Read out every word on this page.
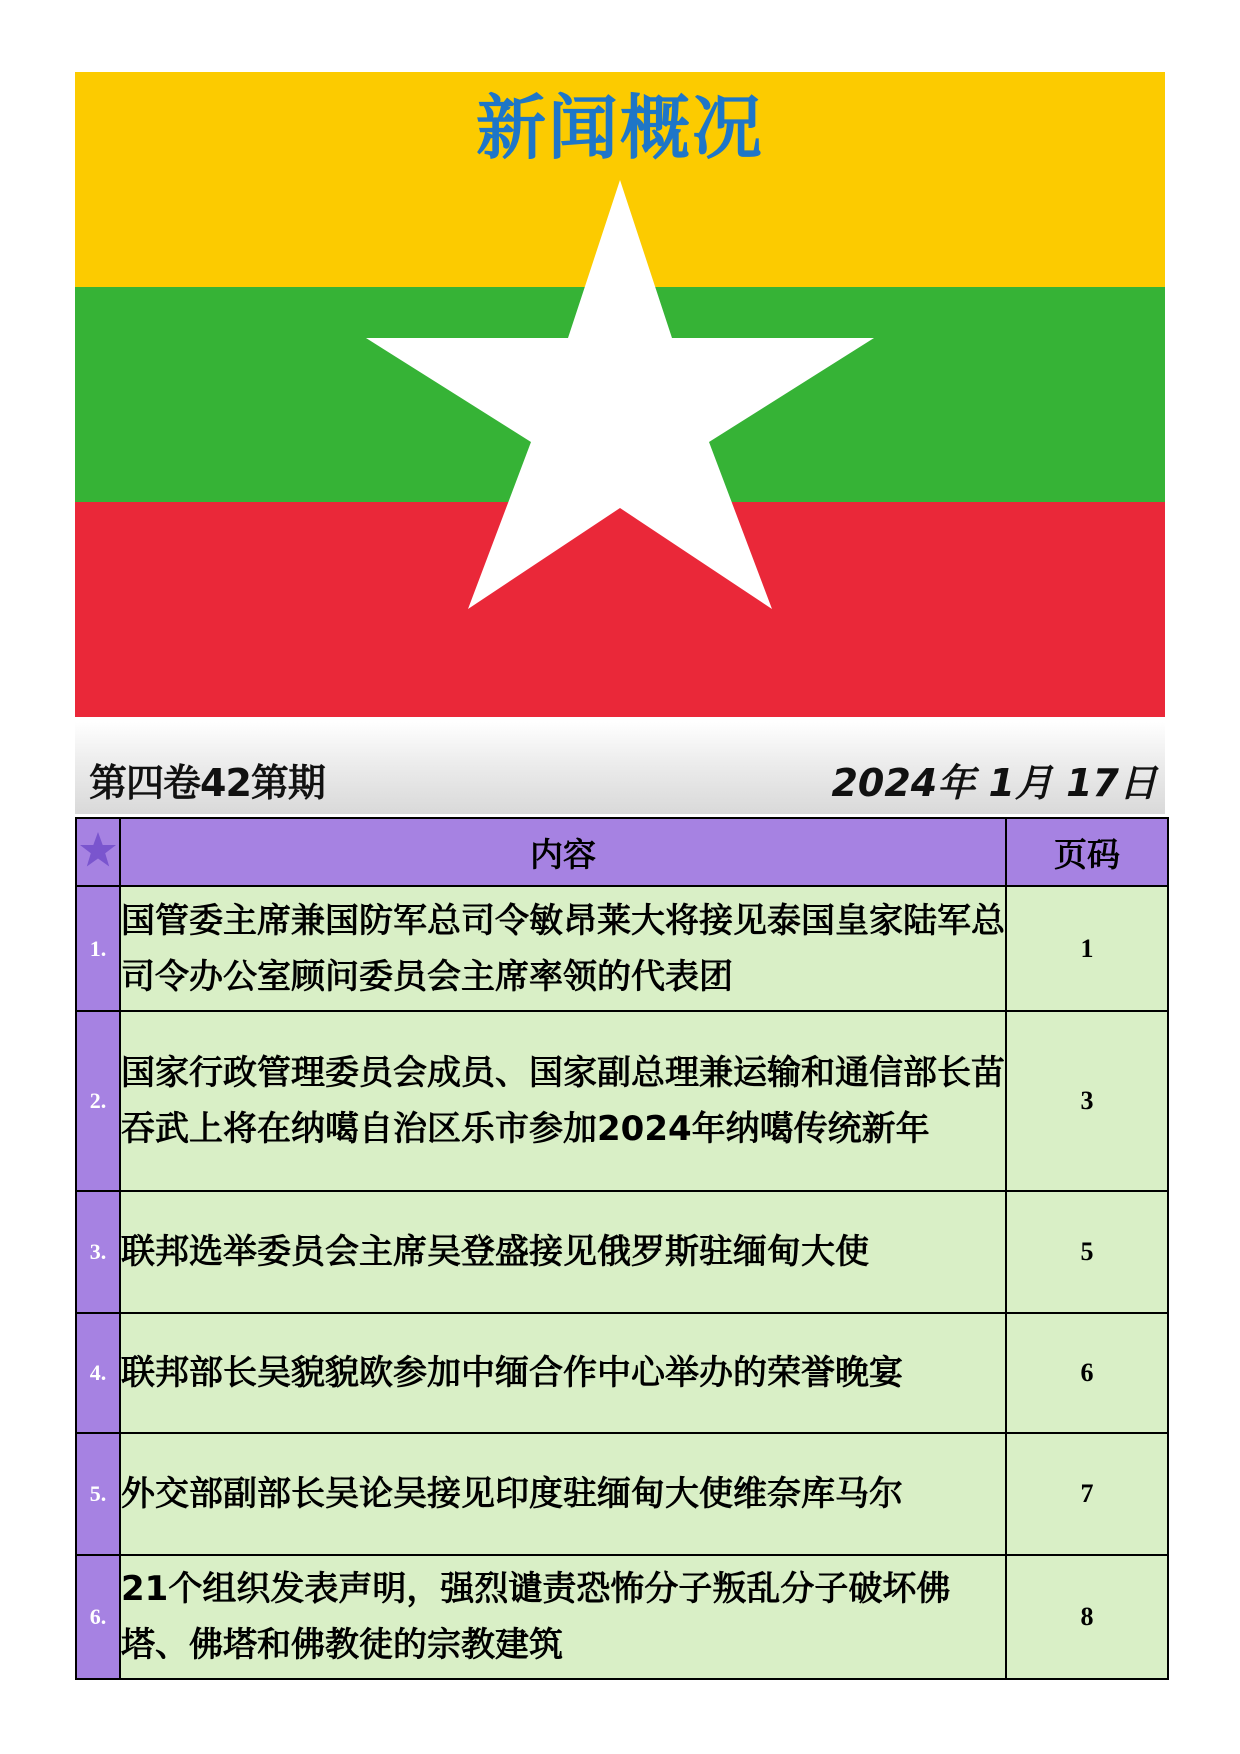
新闻概况
第四卷42第期	2024年 1月 17日
	内容	页码
1.	国管委主席兼国防军总司令敏昂莱大将接见泰国皇家陆军总司令办公室顾问委员会主席率领的代表团	1
2.	国家行政管理委员会成员、国家副总理兼运输和通信部长苗吞武上将在纳噶自治区乐市参加2024年纳噶传统新年	3
3.	联邦选举委员会主席吴登盛接见俄罗斯驻缅甸大使	5
4.	联邦部长吴貌貌欧参加中缅合作中心举办的荣誉晚宴	6
5.	外交部副部长吴论吴接见印度驻缅甸大使维奈库马尔	7
6.	21个组织发表声明，强烈谴责恐怖分子叛乱分子破坏佛塔、佛塔和佛教徒的宗教建筑	8
